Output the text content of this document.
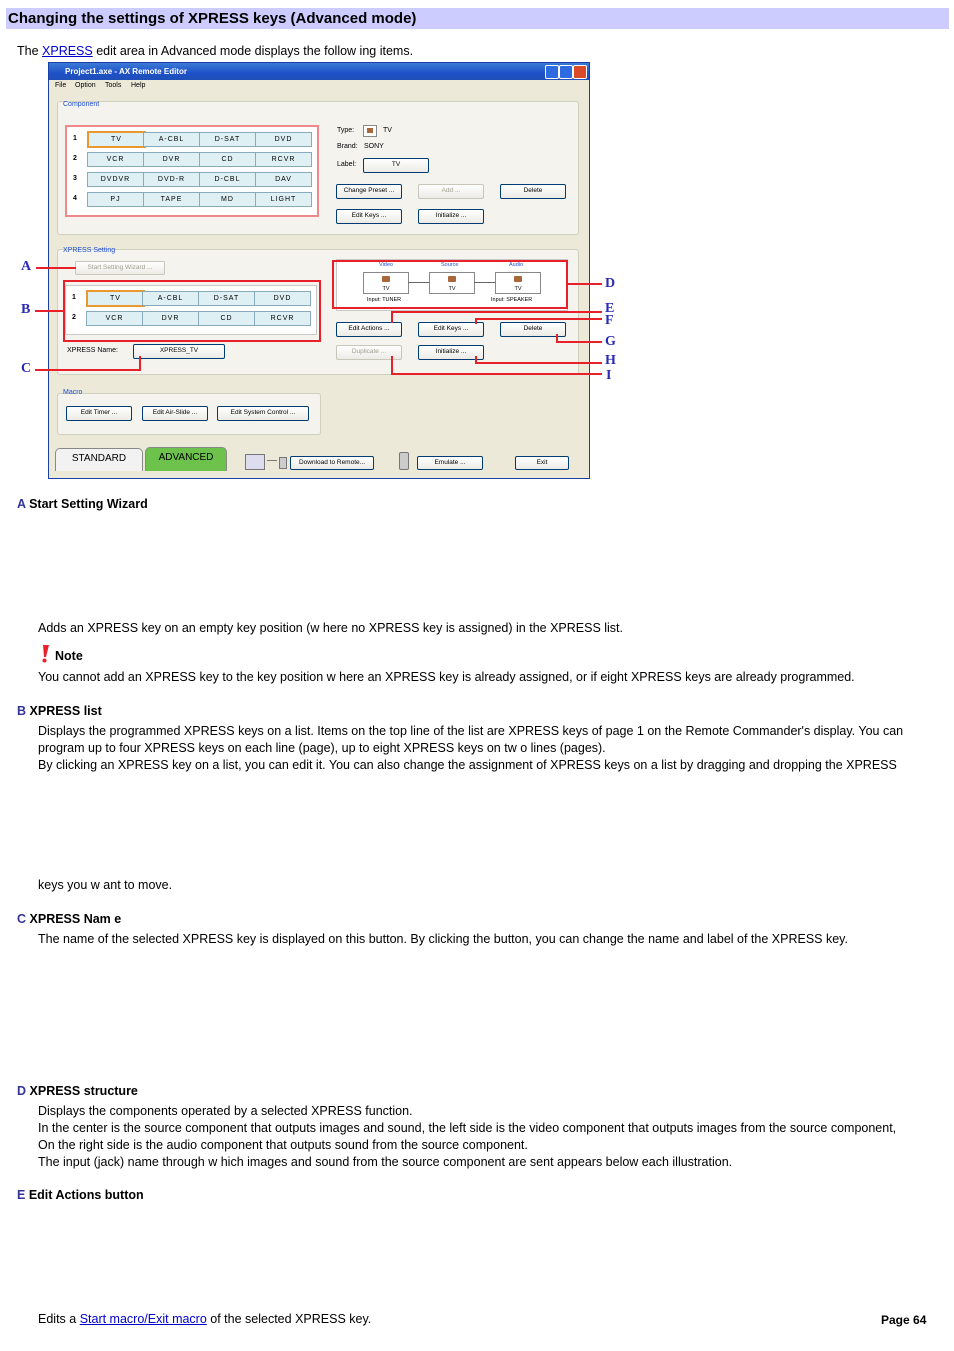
Changing the settings of XPRESS keys (Advanced mode)

The XPRESS edit area in Advanced mode displays the follow ing items.

Project1.axe - AX Remote Editor
File Option Tools Help
Component
1	TV	A-CBL	D-SAT	DVD
2	VCR	DVR	CD	RCVR
3	DVDVR	DVD-R	D-CBL	DAV
4	PJ	TAPE	MD	LIGHT
Type:	TV
Brand: SONY
Label:	TV
Change Preset ...	Add ...	Delete
Edit Keys ...	Initialize ...
XPRESS Setting
Start Setting Wizard ...
1	TV	A-CBL	D-SAT	DVD
2	VCR	DVR	CD	RCVR
XPRESS Name:	XPRESS_TV
Video	Source	Audio
TV	TV	TV
Input: TUNER	Input: SPEAKER
Edit Actions ...	Edit Keys ...	Delete
Duplicate ...	Initialize ...
Macro
Edit Timer ...	Edit Air-Slide ...	Edit System Control ...
STANDARD	ADVANCED	Download to Remote...	Emulate ...	Exit
A
B
C
D
E
F
G
H
I
A Start Setting Wizard

Adds an XPRESS key on an empty key position (w here no XPRESS key is assigned) in the XPRESS list.

Note

You cannot add an XPRESS key to the key position w here an XPRESS key is already assigned, or if eight XPRESS keys are already programmed.

B XPRESS list

Displays the programmed XPRESS keys on a list. Items on the top line of the list are XPRESS keys of page 1 on the Remote Commander's display. You can

program up to four XPRESS keys on each line (page), up to eight XPRESS keys on tw o lines (pages).

By clicking an XPRESS key on a list, you can edit it. You can also change the assignment of XPRESS keys on a list by dragging and dropping the XPRESS

keys you w ant to move.

C XPRESS Nam e

The name of the selected XPRESS key is displayed on this button. By clicking the button, you can change the name and label of the XPRESS key.

D XPRESS structure

Displays the components operated by a selected XPRESS function.

In the center is the source component that outputs images and sound, the left side is the video component that outputs images from the source component,

On the right side is the audio component that outputs sound from the source component.

The input (jack) name through w hich images and sound from the source component are sent appears below each illustration.

E Edit Actions button

Edits a Start macro/Exit macro of the selected XPRESS key.	Page 64
